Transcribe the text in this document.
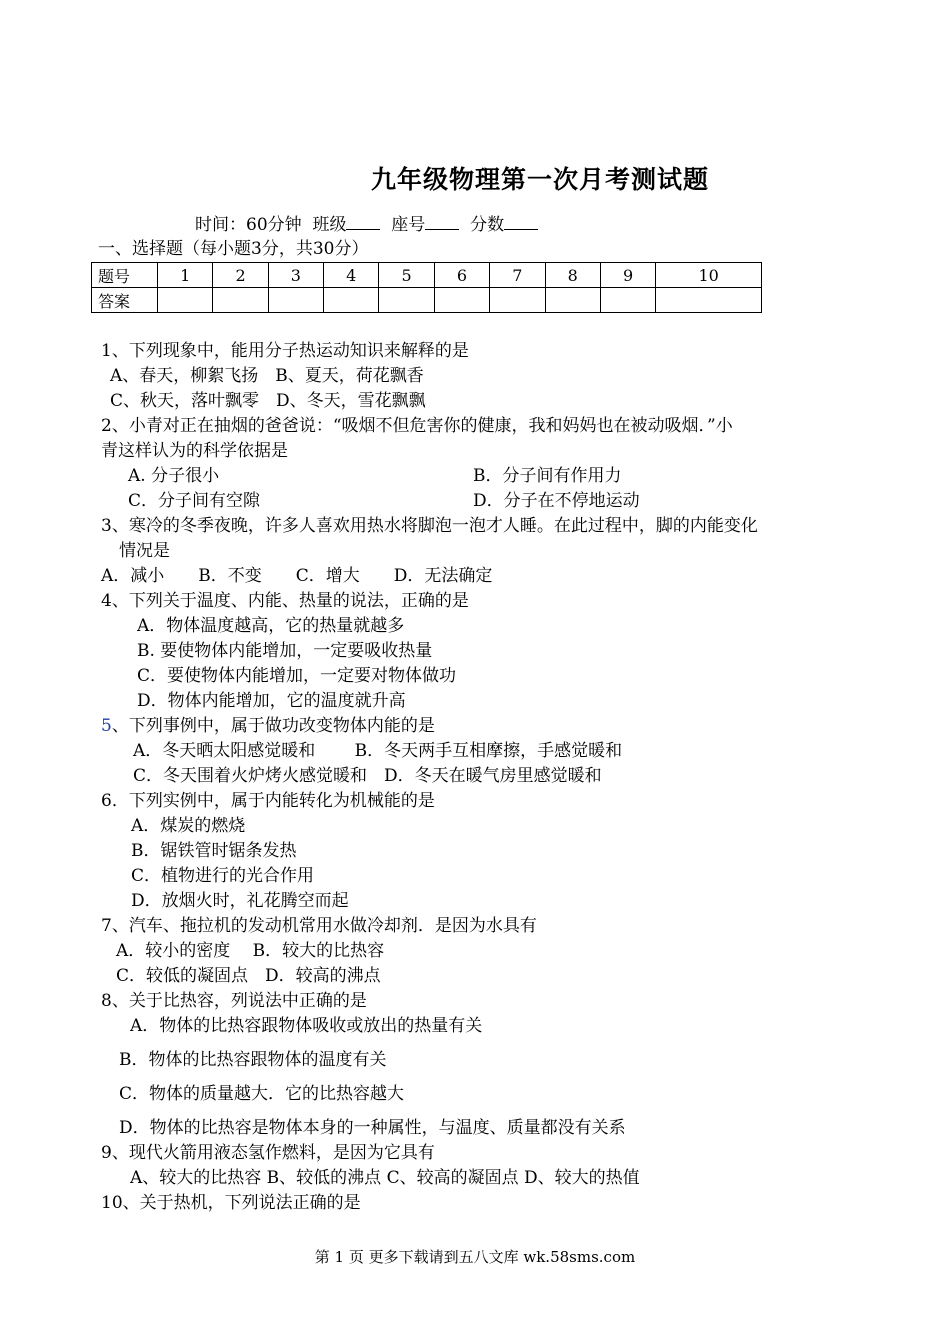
九年级物理第一次月考测试题
时间：60分钟 班级	座号	分数
一、选择题（每小题3分，共30分）
题号	1	2	3	4	5	6	7	8	9	10
答案										
1、下列现象中，能用分子热运动知识来解释的是
A、春天，柳絮飞扬　B、夏天，荷花飘香
C、秋天，落叶飘零　D、冬天，雪花飘飘
2、小青对正在抽烟的爸爸说：“吸烟不但危害你的健康，我和妈妈也在被动吸烟．”小
青这样认为的科学依据是
A. 分子很小	B．分子间有作用力
C．分子间有空隙	D．分子在不停地运动
3、寒冷的冬季夜晚，许多人喜欢用热水将脚泡一泡才人睡。在此过程中，脚的内能变化
情况是
A．减小　　B．不变　　C．增大　　D．无法确定
4、下列关于温度、内能、热量的说法，正确的是
A．物体温度越高，它的热量就越多
B. 要使物体内能增加，一定要吸收热量
C．要使物体内能增加，一定要对物体做功
D．物体内能增加，它的温度就升高
5、下列事例中，属于做功改变物体内能的是
A．冬天晒太阳感觉暖和　　 B．冬天两手互相摩擦，手感觉暖和
C．冬天围着火炉烤火感觉暖和　D．冬天在暖气房里感觉暖和
6．下列实例中，属于内能转化为机械能的是
A．煤炭的燃烧
B．锯铁管时锯条发热
C．植物进行的光合作用
D．放烟火时，礼花腾空而起
7、汽车、拖拉机的发动机常用水做冷却剂．是因为水具有
A．较小的密度　 B．较大的比热容
C．较低的凝固点　D．较高的沸点
8、关于比热容，列说法中正确的是
A．物体的比热容跟物体吸收或放出的热量有关
B．物体的比热容跟物体的温度有关
C．物体的质量越大．它的比热容越大
D．物体的比热容是物体本身的一种属性，与温度、质量都没有关系
9、现代火箭用液态氢作燃料，是因为它具有
A、较大的比热容 B、较低的沸点 C、较高的凝固点 D、较大的热值
10、关于热机，下列说法正确的是
第 1 页 更多下载请到五八文库 wk.58sms.com
